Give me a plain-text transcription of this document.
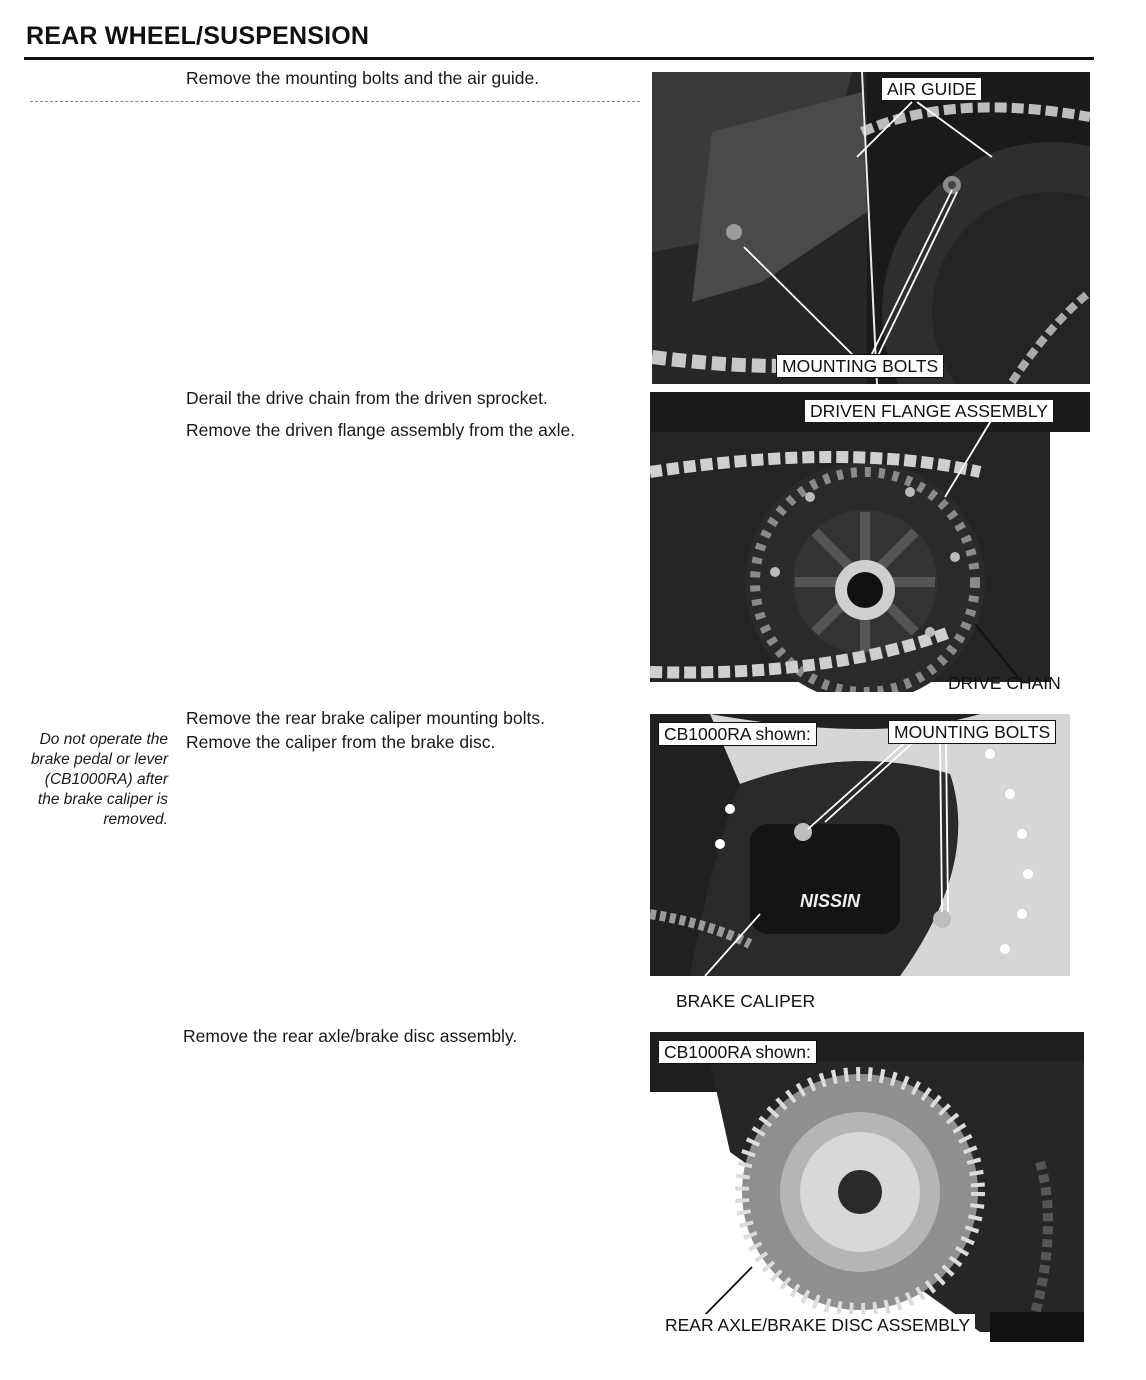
REAR WHEEL/SUSPENSION
Remove the mounting bolts and the air guide.
Derail the drive chain from the driven sprocket.
Remove the driven flange assembly from the axle.
Remove the rear brake caliper mounting bolts.
Remove the caliper from the brake disc.
Remove the rear axle/brake disc assembly.
Do not operate the
brake pedal or lever
(CB1000RA) after
the brake caliper is
removed.
AIR GUIDE
MOUNTING BOLTS
DRIVEN FLANGE ASSEMBLY
DRIVE CHAIN
NISSIN
CB1000RA shown:	MOUNTING BOLTS
BRAKE CALIPER
CB1000RA shown:
REAR AXLE/BRAKE DISC ASSEMBLY
